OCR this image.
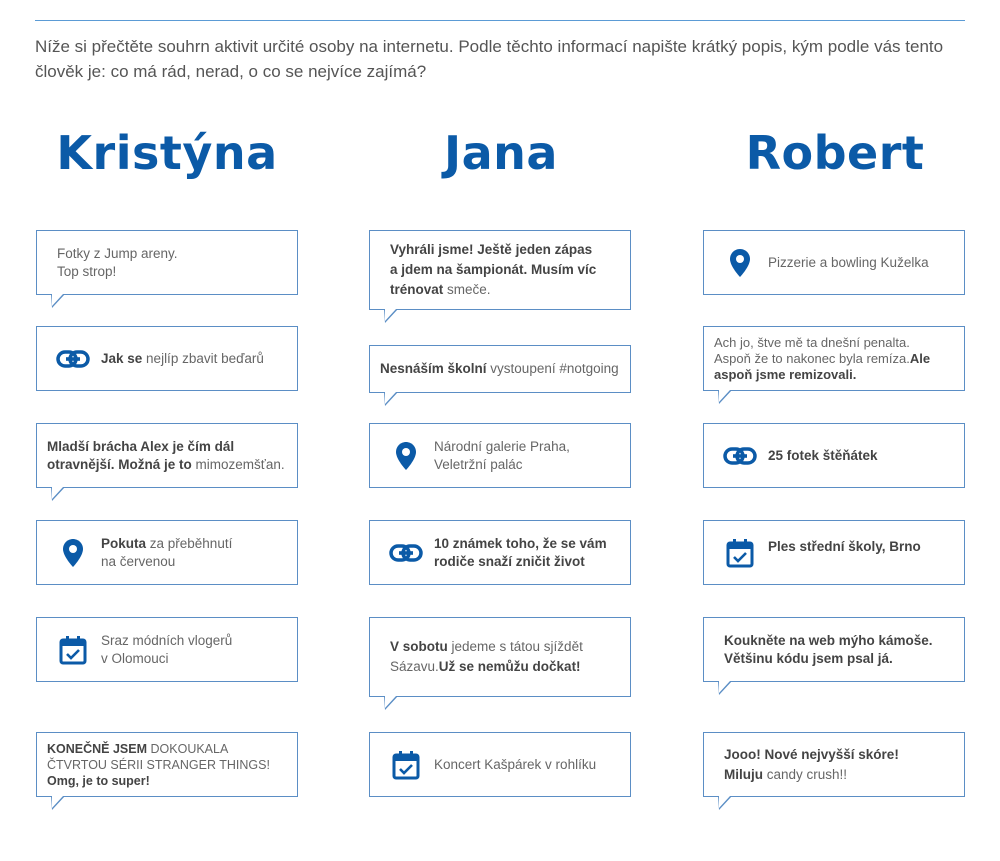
Níže si přečtěte souhrn aktivit určité osoby na internetu. Podle těchto informací napište krátký popis, kým podle vás tento člověk je: co má rád, nerad, o co se nejvíce zajímá?
Kristýna	Jana	Robert
Fotky z Jump areny.
Top strop!
Jak se nejlíp zbavit beďarů
Mladší brácha Alex je čím dál
otravnější. Možná je to mimozemšťan.
Pokuta za přeběhnutí
na červenou
Sraz módních vlogerů
v Olomouci
KONEČNĚ JSEM DOKOUKALA
ČTVRTOU SÉRII STRANGER THINGS!
Omg, je to super!
Vyhráli jsme! Ještě jeden zápas
a jdem na šampionát. Musím víc
trénovat smeče.
Nesnáším školní vystoupení #notgoing
Národní galerie Praha,
Veletržní palác
10 známek toho, že se vám
rodiče snaží zničit život
V sobotu jedeme s tátou sjíždět
Sázavu.Už se nemůžu dočkat!
Koncert Kašpárek v rohlíku
Pizzerie a bowling Kuželka
Ach jo, štve mě ta dnešní penalta.
Aspoň že to nakonec byla remíza.Ale
aspoň jsme remizovali.
25 fotek štěňátek
Ples střední školy, Brno
Koukněte na web mýho kámoše.
Většinu kódu jsem psal já.
Jooo! Nové nejvyšší skóre!
Miluju candy crush!!
